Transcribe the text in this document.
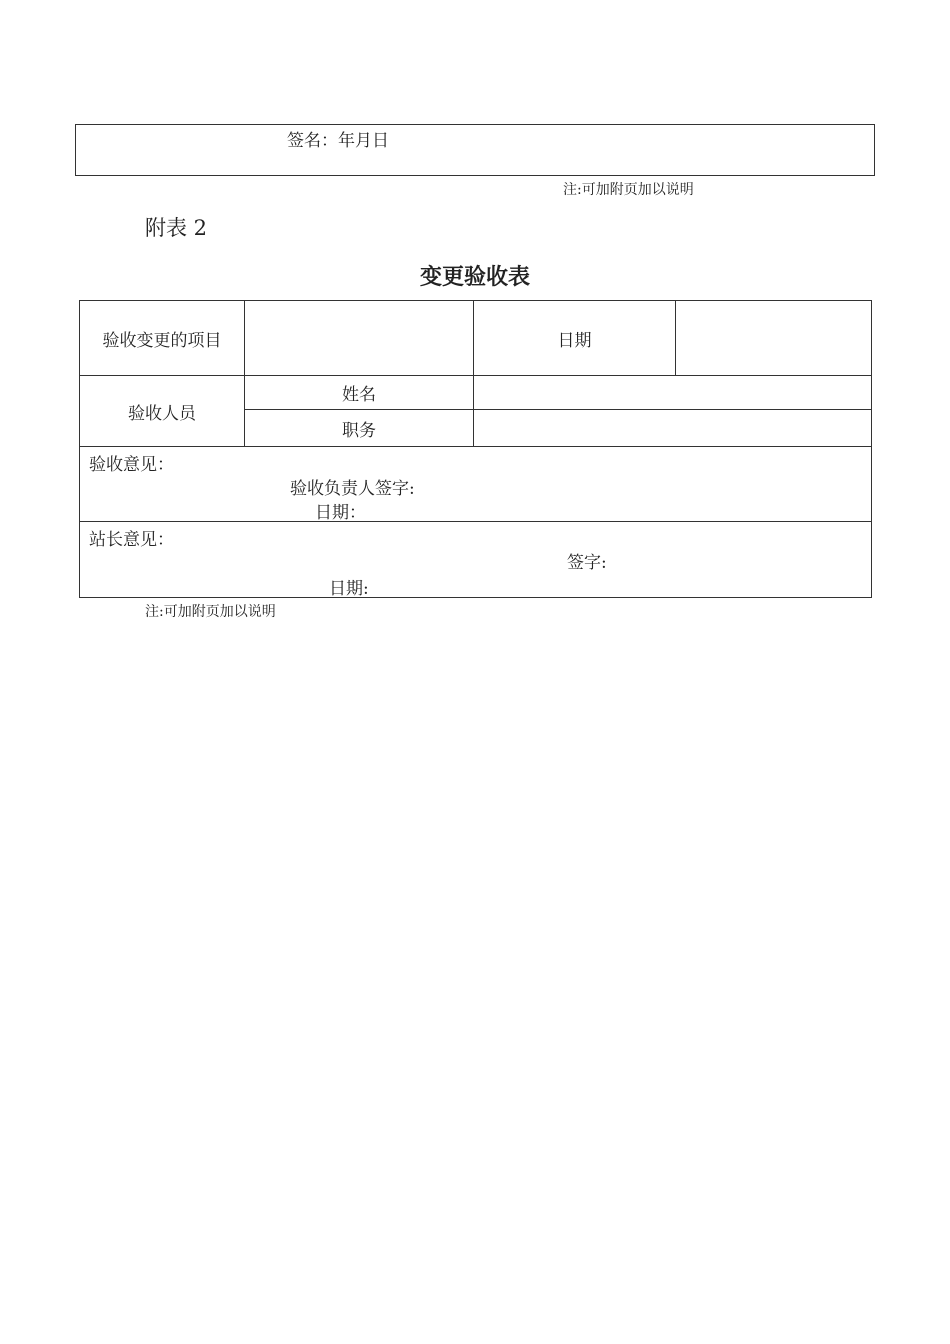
签名：年月日
注:可加附页加以说明
附表 2
变更验收表
验收变更的项目	日期
验收人员
姓名
职务
验收意见：
验收负责人签字:
日期：
站长意见：
签字:
日期:
注:可加附页加以说明
